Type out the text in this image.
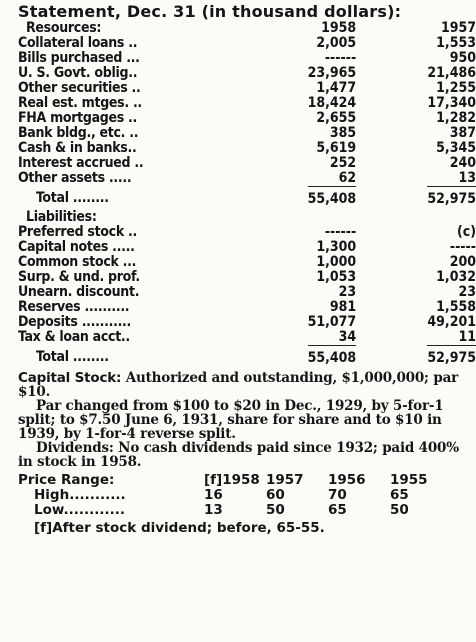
Statement, Dec. 31 (in thousand dollars):
Resources:	1958	1957
Collateral loans ..	2,005	1,553
Bills purchased ...	------	950
U. S. Govt. oblig..	23,965	21,486
Other securities ..	1,477	1,255
Real est. mtges. ..	18,424	17,340
FHA mortgages ..	2,655	1,282
Bank bldg., etc. ..	385	387
Cash & in banks..	5,619	5,345
Interest accrued ..	252	240
Other assets .....	62	13
Total ........	55,408	52,975
Liabilities:		
Preferred stock ..	------	(c)
Capital notes .....	1,300	-----
Common stock ...	1,000	200
Surp. & und. prof.	1,053	1,032
Unearn. discount.	23	23
Reserves ..........	981	1,558
Deposits ...........	51,077	49,201
Tax & loan acct..	34	11
Total ........	55,408	52,975

Capital Stock: Authorized and outstanding, $1,000,000; par $10.

Par changed from $100 to $20 in Dec., 1929, by 5-for-1 split; to $7.50 June 6, 1931, share for share and to $10 in 1939, by 1-for-4 reverse split.

Dividends: No cash dividends paid since 1932; paid 400% in stock in 1958.

Price Range:	[f]1958	1957	1956	1955
High...........	16	60	70	65
Low............	13	50	65	50
[f]After stock dividend; before, 65-55.
